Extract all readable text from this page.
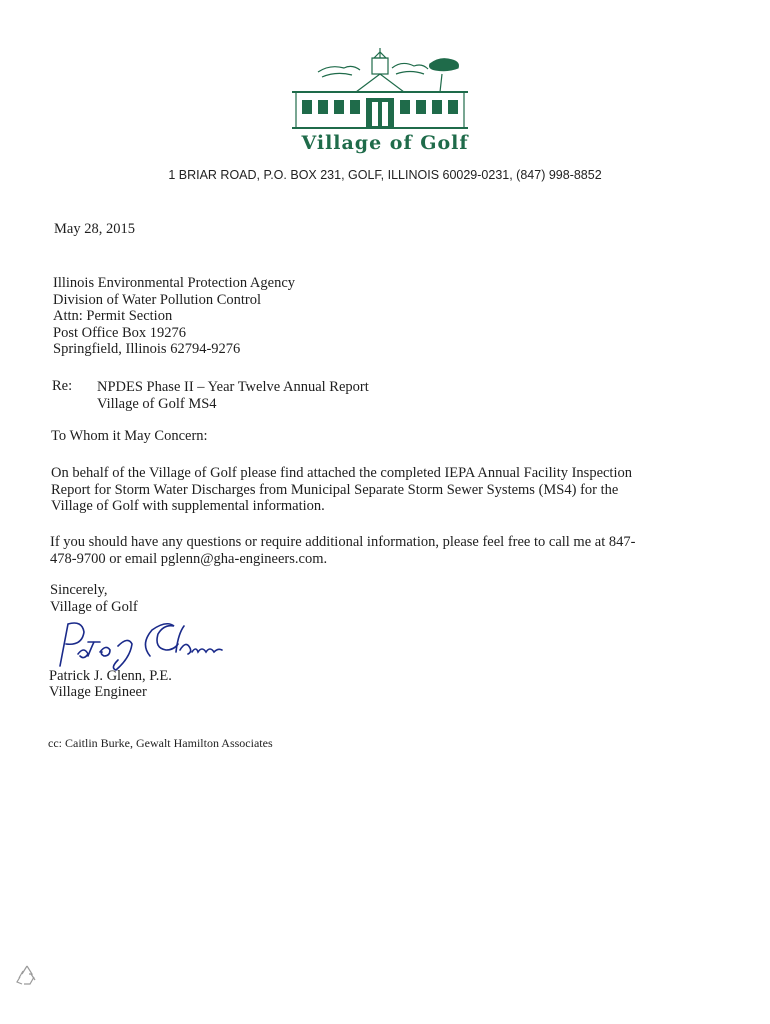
Village of Golf
1 BRIAR ROAD, P.O. BOX 231, GOLF, ILLINOIS 60029-0231, (847) 998-8852
May 28, 2015
Illinois Environmental Protection Agency
Division of Water Pollution Control
Attn: Permit Section
Post Office Box 19276
Springfield, Illinois 62794-9276
Re: NPDES Phase II – Year Twelve Annual Report
Village of Golf MS4
To Whom it May Concern:
On behalf of the Village of Golf please find attached the completed IEPA Annual Facility Inspection
Report for Storm Water Discharges from Municipal Separate Storm Sewer Systems (MS4) for the
Village of Golf with supplemental information.
If you should have any questions or require additional information, please feel free to call me at 847-
478-9700 or email pglenn@gha-engineers.com.
Sincerely,
Village of Golf
Patrick J. Glenn, P.E.
Village Engineer
cc: Caitlin Burke, Gewalt Hamilton Associates
